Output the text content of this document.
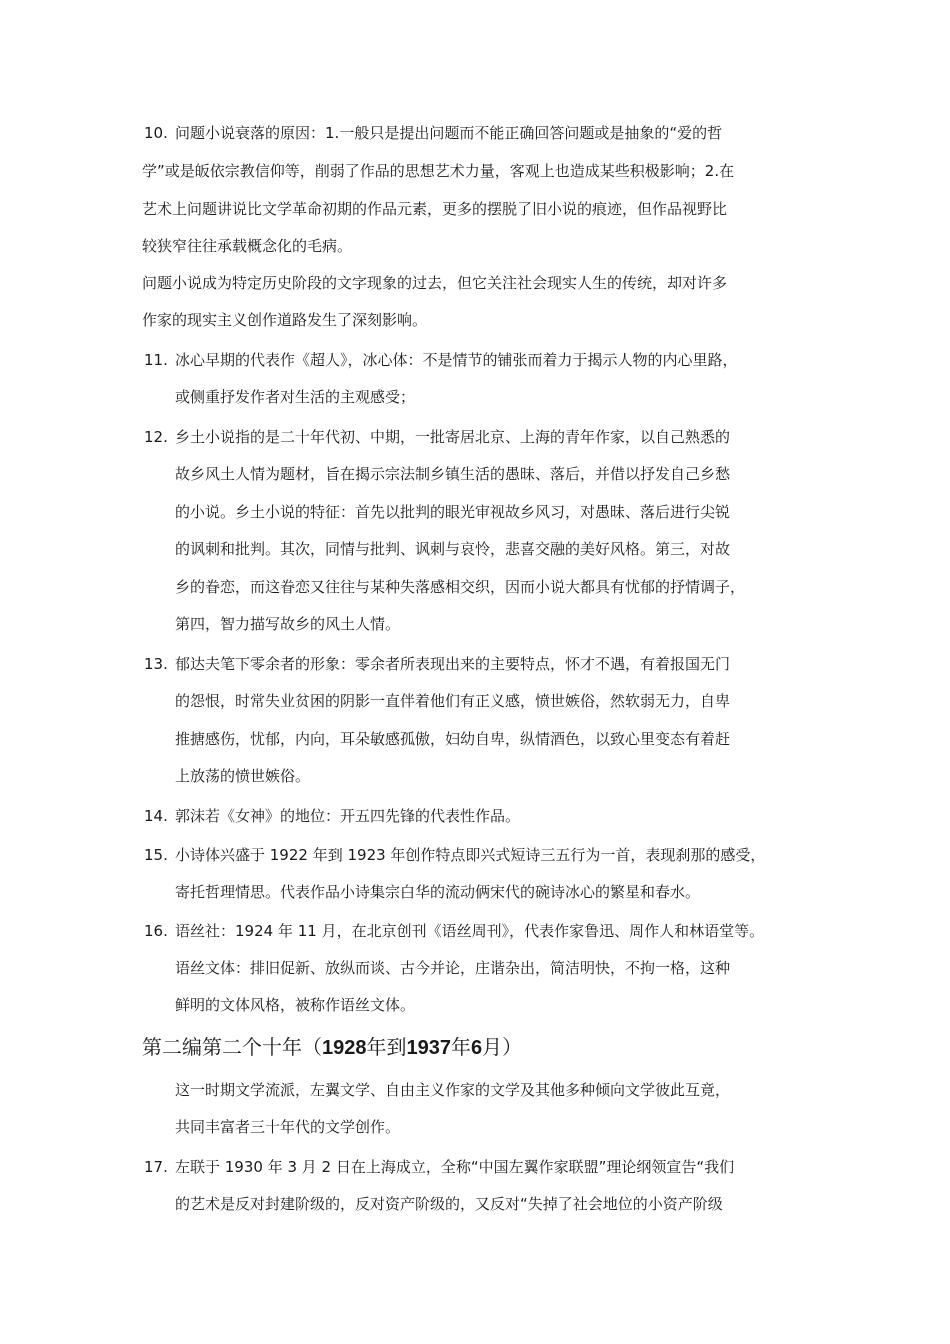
10. 问题小说衰落的原因：1.一般只是提出问题而不能正确回答问题或是抽象的“爱的哲
学”或是皈依宗教信仰等，削弱了作品的思想艺术力量，客观上也造成某些积极影响；2.在
艺术上问题讲说比文学革命初期的作品元素，更多的摆脱了旧小说的痕迹，但作品视野比
较狭窄往往承载概念化的毛病。
问题小说成为特定历史阶段的文字现象的过去，但它关注社会现实人生的传统，却对许多
作家的现实主义创作道路发生了深刻影响。
11. 冰心早期的代表作《超人》，冰心体：不是情节的铺张而着力于揭示人物的内心里路，
或侧重抒发作者对生活的主观感受；
12. 乡土小说指的是二十年代初、中期，一批寄居北京、上海的青年作家，以自己熟悉的
故乡风土人情为题材，旨在揭示宗法制乡镇生活的愚昧、落后，并借以抒发自己乡愁
的小说。乡土小说的特征：首先以批判的眼光审视故乡风习，对愚昧、落后进行尖锐
的讽刺和批判。其次，同情与批判、讽刺与哀怜，悲喜交融的美好风格。第三，对故
乡的眷恋，而这眷恋又往往与某种失落感相交织，因而小说大都具有忧郁的抒情调子，
第四，智力描写故乡的风土人情。
13. 郁达夫笔下零余者的形象：零余者所表现出来的主要特点，怀才不遇，有着报国无门
的怨恨，时常失业贫困的阴影一直伴着他们有正义感，愤世嫉俗，然软弱无力，自卑
推搪感伤，忧郁，内向，耳朵敏感孤傲，妇幼自卑，纵情酒色，以致心里变态有着赶
上放荡的愤世嫉俗。
14. 郭沫若《女神》的地位：开五四先锋的代表性作品。
15. 小诗体兴盛于 1922 年到 1923 年创作特点即兴式短诗三五行为一首，表现刹那的感受，
寄托哲理情思。代表作品小诗集宗白华的流动俩宋代的碗诗冰心的繁星和春水。
16. 语丝社：1924 年 11 月，在北京创刊《语丝周刊》，代表作家鲁迅、周作人和林语堂等。
语丝文体：排旧促新、放纵而谈、古今并论，庄谐杂出，简洁明快，不拘一格，这种
鲜明的文体风格，被称作语丝文体。
第二编第二个十年（1928年到1937年6月）
这一时期文学流派，左翼文学、自由主义作家的文学及其他多种倾向文学彼此互竟，
共同丰富者三十年代的文学创作。
17. 左联于 1930 年 3 月 2 日在上海成立，全称“中国左翼作家联盟”理论纲领宣告“我们
的艺术是反对封建阶级的，反对资产阶级的，又反对“失掉了社会地位的小资产阶级
